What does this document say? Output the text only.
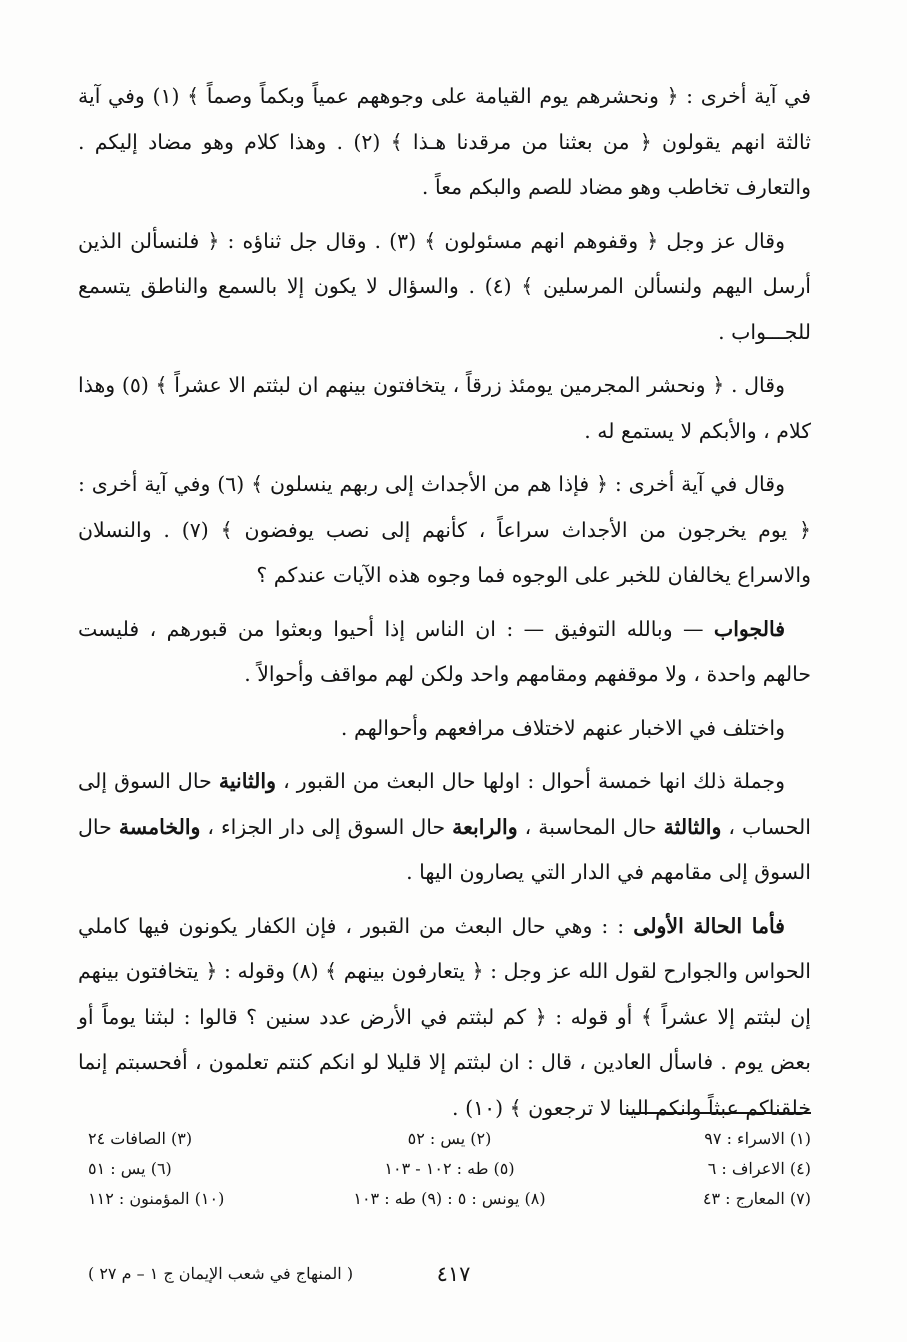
في آية أخرى : ﴿ ونحشرهم يوم القيامة على وجوههم عمياً وبكماً وصماً ﴾ (١) وفي آية ثالثة انهم يقولون ﴿ من بعثنا من مرقدنا هـذا ﴾ (٢) . وهذا كلام وهو مضاد إليكم . والتعارف تخاطب وهو مضاد للصم والبكم معاً .

وقال عز وجل ﴿ وقفوهم انهم مسئولون ﴾ (٣) . وقال جل ثناؤه : ﴿ فلنسألن الذين أرسل اليهم ولنسألن المرسلين ﴾ (٤) . والسؤال لا يكون إلا بالسمع والناطق يتسمع للجـــواب .

وقال . ﴿ ونحشر المجرمين يومئذ زرقاً ، يتخافتون بينهم ان لبثتم الا عشراً ﴾ (٥) وهذا كلام ، والأبكم لا يستمع له .

وقال في آية أخرى : ﴿ فإذا هم من الأجداث إلى ربهم ينسلون ﴾ (٦) وفي آية أخرى : ﴿ يوم يخرجون من الأجداث سراعاً ، كأنهم إلى نصب يوفضون ﴾ (٧) . والنسلان والاسراع يخالفان للخبر على الوجوه فما وجوه هذه الآيات عندكم ؟

فالجواب — وبالله التوفيق — : ان الناس إذا أحيوا وبعثوا من قبورهم ، فليست حالهم واحدة ، ولا موقفهم ومقامهم واحد ولكن لهم مواقف وأحوالاً .

واختلف في الاخبار عنهم لاختلاف مرافعهم وأحوالهم .

وجملة ذلك انها خمسة أحوال : اولها حال البعث من القبور ، والثانية حال السوق إلى الحساب ، والثالثة حال المحاسبة ، والرابعة حال السوق إلى دار الجزاء ، والخامسة حال السوق إلى مقامهم في الدار التي يصارون اليها .

فأما الحالة الأولى : : وهي حال البعث من القبور ، فإن الكفار يكونون فيها كاملي الحواس والجوارح لقول الله عز وجل : ﴿ يتعارفون بينهم ﴾ (٨) وقوله : ﴿ يتخافتون بينهم إن لبثتم إلا عشراً ﴾ أو قوله : ﴿ كم لبثتم في الأرض عدد سنين ؟ قالوا : لبثنا يوماً أو بعض يوم . فاسأل العادين ، قال : ان لبثتم إلا قليلا لو انكم كنتم تعلمون ، أفحسبتم إنما خلقناكم عبثاً وانكم الينا لا ترجعون ﴾ (١٠) .

(١) الاسراء : ٩٧
(٢) يس : ٥٢
(٣) الصافات ٢٤
(٤) الاعراف : ٦
(٥) طه : ١٠٢ - ١٠٣
(٦) يس : ٥١
(٧) المعارج : ٤٣
(٨) يونس : ٥ : (٩) طه : ١٠٣
(١٠) المؤمنون : ١١٢
٤١٧
( المنهاج في شعب الإيمان ج ١ – م ٢٧ )
